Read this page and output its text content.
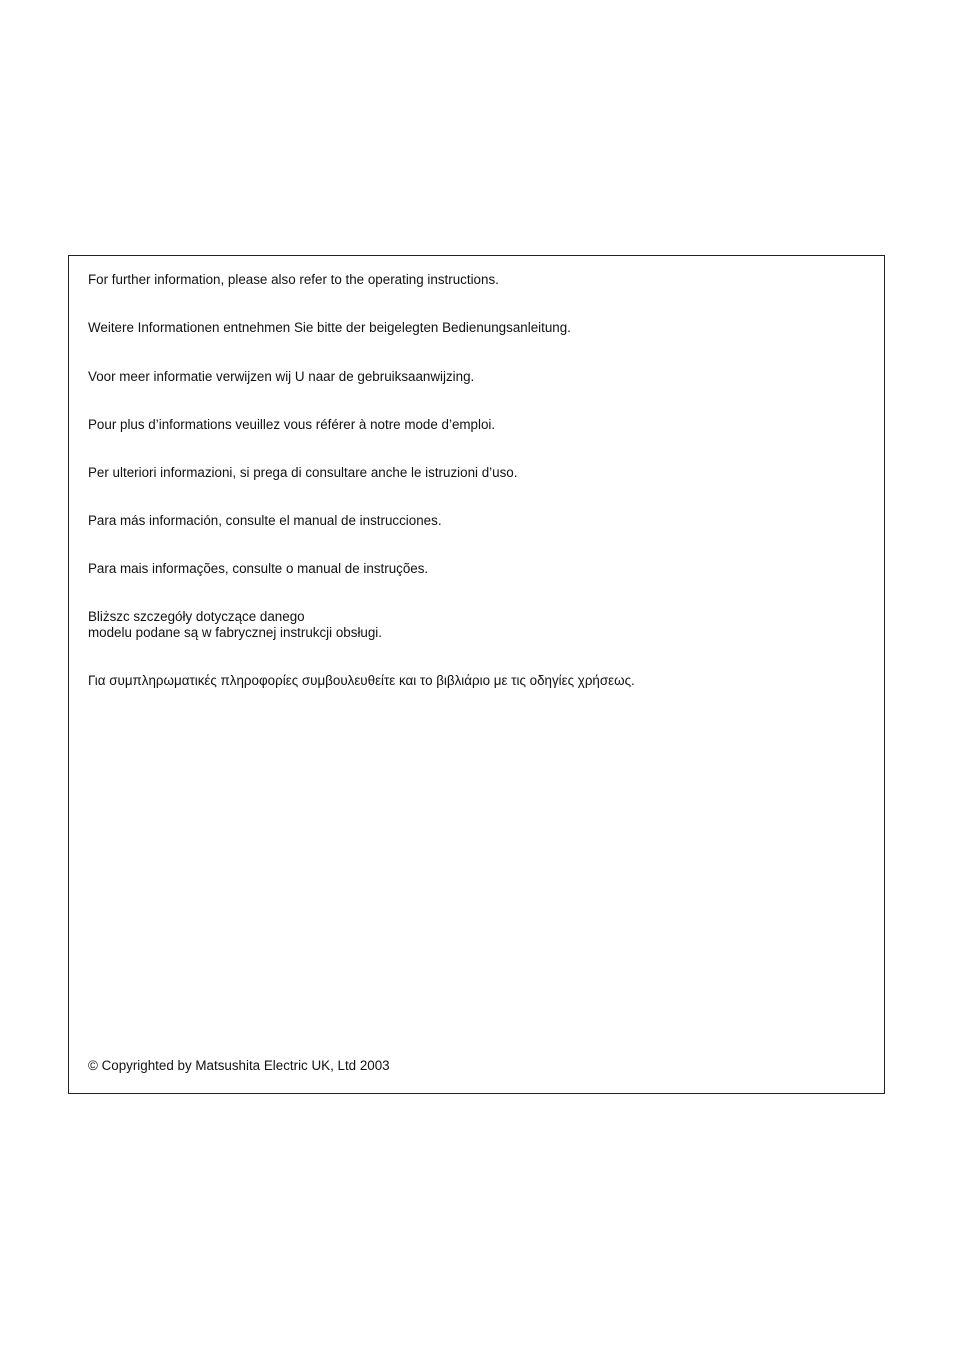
For further information, please also refer to the operating instructions.

Weitere Informationen entnehmen Sie bitte der beigelegten Bedienungsanleitung.

Voor meer informatie verwijzen wij U naar de gebruiksaanwijzing.

Pour plus d’informations veuillez vous référer à notre mode d’emploi.

Per ulteriori informazioni, si prega di consultare anche le istruzioni d’uso.

Para más información, consulte el manual de instrucciones.

Para mais informações, consulte o manual de instruções.

Bliższc szczegóły dotyczące danego
modelu podane są w fabrycznej instrukcji obsługi.

Για συμπληρωματικές πληροφορίες συμβουλευθείτε και το βιβλιάριο με τις οδηγίες χρήσεως.

© Copyrighted by Matsushita Electric UK, Ltd 2003
